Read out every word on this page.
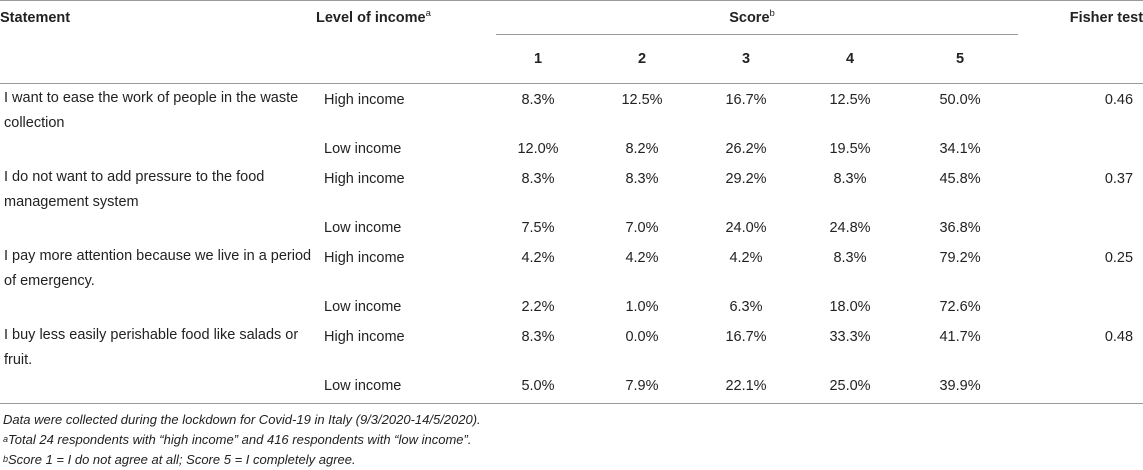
Statement	Level of income$^a$	Score$^b$					Fisher test
		1	2	3	4	5	
I want to ease the work of people in the waste collection	High income	8.3%	12.5%	16.7%	12.5%	50.0%	0.46
	Low income	12.0%	8.2%	26.2%	19.5%	34.1%	
I do not want to add pressure to the food management system	High income	8.3%	8.3%	29.2%	8.3%	45.8%	0.37
	Low income	7.5%	7.0%	24.0%	24.8%	36.8%	
I pay more attention because we live in a period of emergency.	High income	4.2%	4.2%	4.2%	8.3%	79.2%	0.25
	Low income	2.2%	1.0%	6.3%	18.0%	72.6%	
I buy less easily perishable food like salads or fruit.	High income	8.3%	0.0%	16.7%	33.3%	41.7%	0.48
	Low income	5.0%	7.9%	22.1%	25.0%	39.9%	
Data were collected during the lockdown for Covid-19 in Italy (9/3/2020-14/5/2020).
$^a$Total 24 respondents with “high income” and 416 respondents with “low income”.
$^b$Score 1 = I do not agree at all; Score 5 = I completely agree.
